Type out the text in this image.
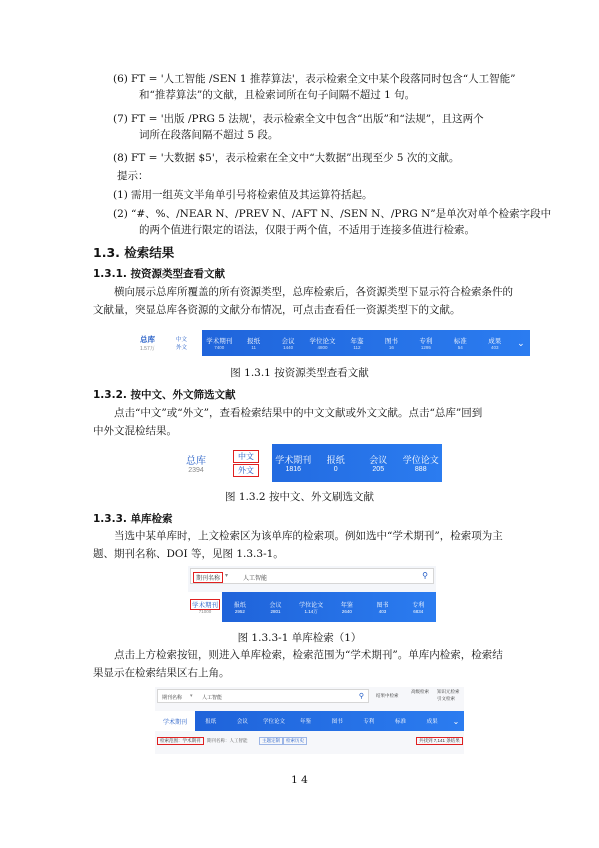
(6) FT = '人工智能 /SEN 1 推荐算法'，表示检索全文中某个段落同时包含“人工智能”
和“推荐算法”的文献，且检索词所在句子间隔不超过 1 句。
(7) FT = '出版 /PRG 5 法规'，表示检索全文中包含“出版”和“法规”，且这两个
词所在段落间隔不超过 5 段。
(8) FT = '大数据 $5'，表示检索在全文中“大数据”出现至少 5 次的文献。
提示：
(1) 需用一组英文半角单引号将检索值及其运算符括起。
(2) “#、%、/NEAR N、/PREV N、/AFT N、/SEN N、/PRG N”是单次对单个检索字段中
的两个值进行限定的语法，仅限于两个值，不适用于连接多值进行检索。
1.3. 检索结果
1.3.1. 按资源类型查看文献
横向展示总库所覆盖的所有资源类型，总库检索后，各资源类型下显示符合检索条件的
文献量，突显总库各资源的文献分布情况，可点击查看任一资源类型下的文献。
总库
1.57万
中文
外文
学术期刊
7400
报纸
11
会议
1440
学位论文
4800
年鉴
112
图书
16
专利
1295
标准
54
成果
403	⌄
图 1.3.1 按资源类型查看文献
1.3.2. 按中文、外文筛选文献
点击“中文”或“外文”，查看检索结果中的中文文献或外文文献。点击“总库”回到
中外文混检结果。
总库
2394
中文
外文
学术期刊
1816
报纸
0
会议
205
学位论文
888
图 1.3.2 按中文、外文刷选文献
1.3.3. 单库检索
当选中某单库时，上文检索区为该单库的检索项。例如选中“学术期刊”，检索项为主
题、期刊名称、DOI 等，见图 1.3.3-1。
期刊名称 ▾ 人工智能	⚲
学术期刊
71000
报纸
2952
会议
2801
学位论文
1.14万
年鉴
2640
图书
403
专利
6834
图 1.3.3-1 单库检索（1）
点击上方检索按钮，则进入单库检索，检索范围为“学术期刊”。单库内检索，检索结
果显示在检索结果区右上角。
期刊名称 ▾ 人工智能	⚲	结果中检索
高级检索 知识元检索
引文检索
学术期刊	报纸	会议	学位论文	年鉴	图书	专利	标准	成果	⌄
检索范围：学术期刊	期刊名称：人工智能	主题定制	检索历史	共找到 7,141 条结果
1 4
